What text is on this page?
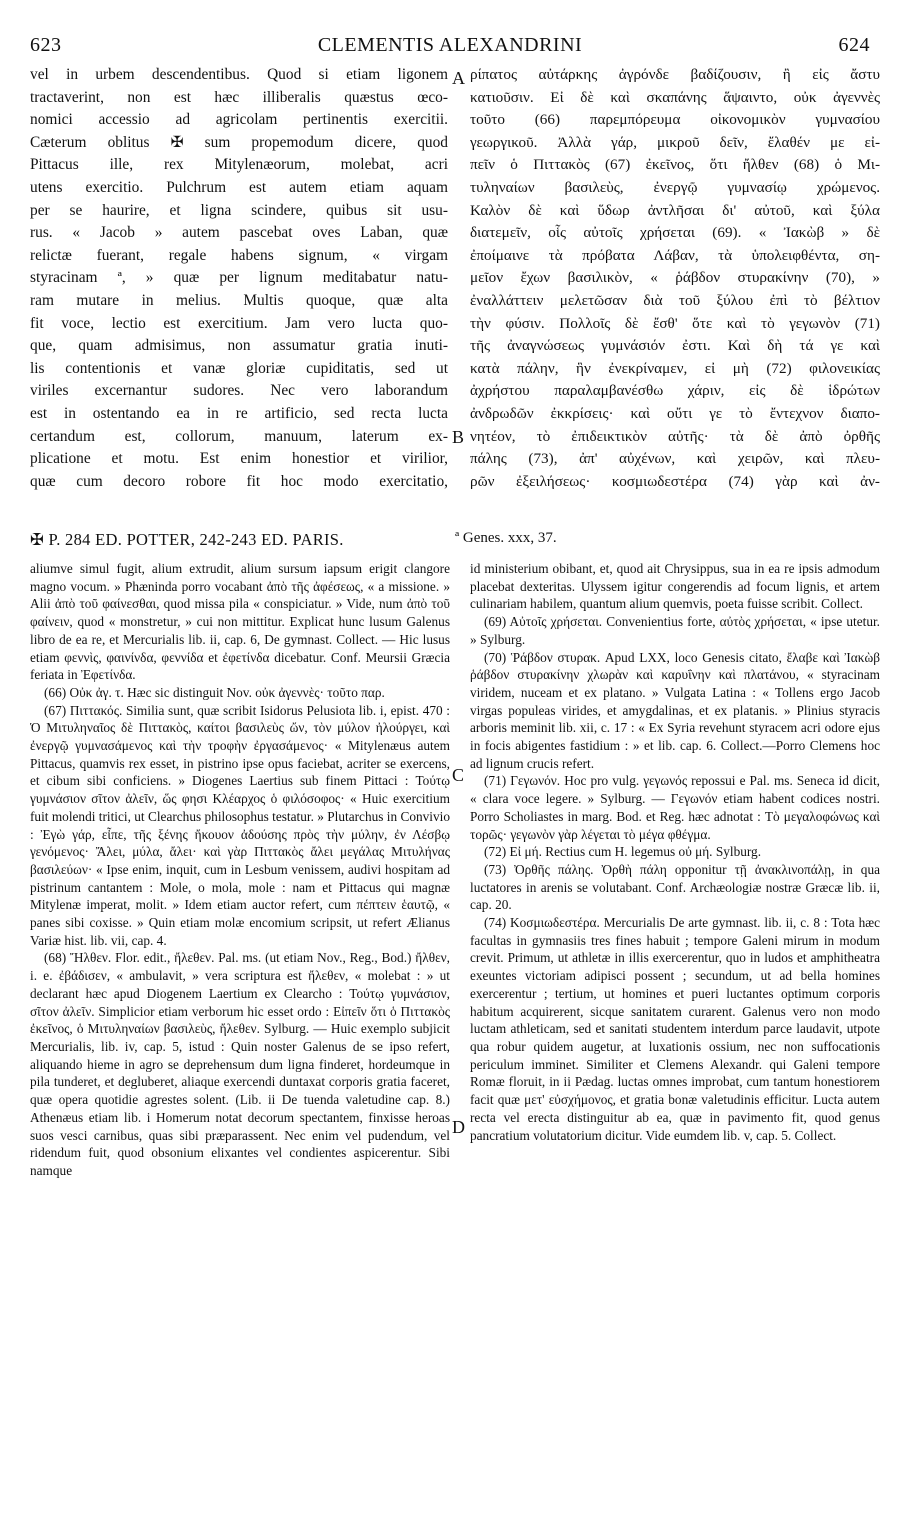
623	CLEMENTIS ALEXANDRINI	624
A
B
C
D
vel in urbem descendentibus. Quod si etiam ligonem
tractaverint, non est hæc illiberalis quæstus œco-
nomici accessio ad agricolam pertinentis exercitii.
Cæterum oblitus ✠ sum propemodum dicere, quod
Pittacus ille, rex Mitylenæorum, molebat, acri
utens exercitio. Pulchrum est autem etiam aquam
per se haurire, et ligna scindere, quibus sit usu-
rus. « Jacob » autem pascebat oves Laban, quæ
relictæ fuerant, regale habens signum, « virgam
styracinam ª, » quæ per lignum meditabatur natu-
ram mutare in melius. Multis quoque, quæ alta
fit voce, lectio est exercitium. Jam vero lucta quo-
que, quam admisimus, non assumatur gratia inuti-
lis contentionis et vanæ gloriæ cupiditatis, sed ut
viriles excernantur sudores. Nec vero laborandum
est in ostentando ea in re artificio, sed recta lucta
certandum est, collorum, manuum, laterum ex-
plicatione et motu. Est enim honestior et virilior,
quæ cum decoro robore fit hoc modo exercitatio,
ρίπατος αὐτάρκης ἀγρόνδε βαδίζουσιν, ἢ εἰς ἄστυ
κατιοῦσιν. Εἰ δὲ καὶ σκαπάνης ἅψαιντο, οὐκ ἀγεννὲς
τοῦτο (66) παρεμπόρευμα οἰκονομικὸν γυμνασίου
γεωργικοῦ. Ἀλλὰ γάρ, μικροῦ δεῖν, ἔλαθέν με εἰ-
πεῖν ὁ Πιττακὸς (67) ἐκεῖνος, ὅτι ἤλθεν (68) ὁ Μι-
τυληναίων βασιλεὺς, ἐνεργῷ γυμνασίῳ χρώμενος.
Καλὸν δὲ καὶ ὕδωρ ἀντλῆσαι δι' αὐτοῦ, καὶ ξύλα
διατεμεῖν, οἷς αὐτοῖς χρήσεται (69). « Ἰακὼβ » δὲ
ἐποίμαινε τὰ πρόβατα Λάβαν, τὰ ὑπολειφθέντα, ση-
μεῖον ἔχων βασιλικὸν, « ῥάβδον στυρακίνην (70), »
ἐναλλάττειν μελετῶσαν διὰ τοῦ ξύλου ἐπὶ τὸ βέλτιον
τὴν φύσιν. Πολλοῖς δὲ ἔσθ' ὅτε καὶ τὸ γεγωνὸν (71)
τῆς ἀναγνώσεως γυμνάσιόν ἐστι. Καὶ δὴ τά γε καὶ
κατὰ πάλην, ἣν ἐνεκρίναμεν, εἰ μὴ (72) φιλονεικίας
ἀχρήστου παραλαμβανέσθω χάριν, εἰς δὲ ἱδρώτων
ἀνδρωδῶν ἐκκρίσεις· καὶ οὔτι γε τὸ ἔντεχνον διαπο-
νητέον, τὸ ἐπιδεικτικὸν αὐτῆς· τὰ δὲ ἀπὸ ὀρθῆς
πάλης (73), ἀπ' αὐχένων, καὶ χειρῶν, καὶ πλευ-
ρῶν ἐξειλήσεως· κοσμιωδεστέρα (74) γὰρ καὶ ἀν-
✠ P. 284 ED. POTTER, 242-243 ED. PARIS.	ª Genes. xxx, 37.

aliumve simul fugit, alium extrudit, alium sursum iapsum erigit clangore magno vocum. » Phæninda porro vocabant ἀπὸ τῆς ἀφέσεως, « a missione. » Alii ἀπὸ τοῦ φαίνεσθαι, quod missa pila « conspiciatur. » Vide, num ἀπὸ τοῦ φαίνειν, quod « monstretur, » cui non mittitur. Explicat hunc lusum Galenus libro de ea re, et Mercurialis lib. ii, cap. 6, De gymnast. Collect. — Hic lusus etiam φεννὶς, φαινίνδα, φεννίδα et ἐφετίνδα dicebatur. Conf. Meursii Græcia feriata in Ἐφετίνδα.

(66) Οὐκ ἀγ. τ. Hæc sic distinguit Nov. οὐκ ἀγεννὲς· τοῦτο παρ.

(67) Πιττακός. Similia sunt, quæ scribit Isidorus Pelusiota lib. i, epist. 470 : Ὁ Μιτυληναῖος δὲ Πιττακὸς, καίτοι βασιλεὺς ὤν, τὸν μύλον ἠλούργει, καὶ ἐνεργῷ γυμνασάμενος καὶ τὴν τροφὴν ἐργασάμενος· « Mitylenæus autem Pittacus, quamvis rex esset, in pistrino ipse opus faciebat, acriter se exercens, et cibum sibi conficiens. » Diogenes Laertius sub finem Pittaci : Τούτῳ γυμνάσιον σῖτον ἀλεῖν, ὥς φησι Κλέαρχος ὁ φιλόσοφος· « Huic exercitium fuit molendi tritici, ut Clearchus philosophus testatur. » Plutarchus in Convivio : Ἐγὼ γάρ, εἶπε, τῆς ξένης ἤκουον ἀδούσης πρὸς τὴν μύλην, ἐν Λέσβῳ γενόμενος· Ἄλει, μύλα, ἄλει· καὶ γὰρ Πιττακὸς ἄλει μεγάλας Μιτυλήνας βασιλεύων· « Ipse enim, inquit, cum in Lesbum venissem, audivi hospitam ad pistrinum cantantem : Mole, o mola, mole : nam et Pittacus qui magnæ Mitylenæ imperat, molit. » Idem etiam auctor refert, cum πέπτειν ἑαυτῷ, « panes sibi coxisse. » Quin etiam molæ encomium scripsit, ut refert Ælianus Variæ hist. lib. vii, cap. 4.

(68) Ἤλθεν. Flor. edit., ἤλεθεν. Pal. ms. (ut etiam Nov., Reg., Bod.) ἤλθεν, i. e. ἐβάδισεν, « ambulavit, » vera scriptura est ἤλεθεν, « molebat : » ut declarant hæc apud Diogenem Laertium ex Clearcho : Τούτῳ γυμνάσιον, σῖτον ἀλεῖν. Simplicior etiam verborum hic esset ordo : Εἰπεῖν ὅτι ὁ Πιττακὸς ἐκεῖνος, ὁ Μιτυληναίων βασιλεὺς, ἤλεθεν. Sylburg. — Huic exemplo subjicit Mercurialis, lib. iv, cap. 5, istud : Quin noster Galenus de se ipso refert, aliquando hieme in agro se deprehensum dum ligna finderet, hordeumque in pila tunderet, et degluberet, aliaque exercendi duntaxat corporis gratia faceret, quæ opera quotidie agrestes solent. (Lib. ii De tuenda valetudine cap. 8.) Athenæus etiam lib. i Homerum notat decorum spectantem, finxisse heroas suos vesci carnibus, quas sibi præparassent. Nec enim vel pudendum, vel ridendum fuit, quod obsonium elixantes vel condientes aspicerentur. Sibi namque

id ministerium obibant, et, quod ait Chrysippus, sua in ea re ipsis admodum placebat dexteritas. Ulyssem igitur congerendis ad focum lignis, et artem culinariam habilem, quantum alium quemvis, poeta fuisse scribit. Collect.

(69) Αὐτοῖς χρήσεται. Convenientius forte, αὐτὸς χρήσεται, « ipse utetur. » Sylburg.

(70) Ῥάβδον στυρακ. Apud LXX, loco Genesis citato, ἔλαβε καὶ Ἰακὼβ ῥάβδον στυρακίνην χλωρὰν καὶ καρυΐνην καὶ πλατάνου, « styracinam viridem, nuceam et ex platano. » Vulgata Latina : « Tollens ergo Jacob virgas populeas virides, et amygdalinas, et ex platanis. » Plinius styracis arboris meminit lib. xii, c. 17 : « Ex Syria revehunt styracem acri odore ejus in focis abigentes fastidium : » et lib. cap. 6. Collect.—Porro Clemens hoc ad lignum crucis refert.

(71) Γεγωνόν. Hoc pro vulg. γεγωνός repossui e Pal. ms. Seneca id dicit, « clara voce legere. » Sylburg. — Γεγωνόν etiam habent codices nostri. Porro Scholiastes in marg. Bod. et Reg. hæc adnotat : Τὸ μεγαλοφώνως καὶ τορῶς· γεγωνὸν γὰρ λέγεται τὸ μέγα φθέγμα.

(72) Εἰ μή. Rectius cum H. legemus οὐ μή. Sylburg.

(73) Ὀρθῆς πάλης. Ὀρθὴ πάλη opponitur τῇ ἀνακλινοπάλῃ, in qua luctatores in arenis se volutabant. Conf. Archæologiæ nostræ Græcæ lib. ii, cap. 20.

(74) Κοσμιωδεστέρα. Mercurialis De arte gymnast. lib. ii, c. 8 : Tota hæc facultas in gymnasiis tres fines habuit ; tempore Galeni mirum in modum crevit. Primum, ut athletæ in illis exercerentur, quo in ludos et amphitheatra exeuntes victoriam adipisci possent ; secundum, ut ad bella homines exercerentur ; tertium, ut homines et pueri luctantes optimum corporis habitum acquirerent, sicque sanitatem curarent. Galenus vero non modo luctam athleticam, sed et sanitati studentem interdum parce laudavit, utpote qua robur quidem augetur, at luxationis ossium, nec non suffocationis periculum imminet. Similiter et Clemens Alexandr. qui Galeni tempore Romæ floruit, in ii Pædag. luctas omnes improbat, cum tantum honestiorem facit quæ μετ' εὐσχήμονος, et gratia bonæ valetudinis efficitur. Lucta autem recta vel erecta distinguitur ab ea, quæ in pavimento fit, quod genus pancratium volutatorium dicitur. Vide eumdem lib. v, cap. 5. Collect.
